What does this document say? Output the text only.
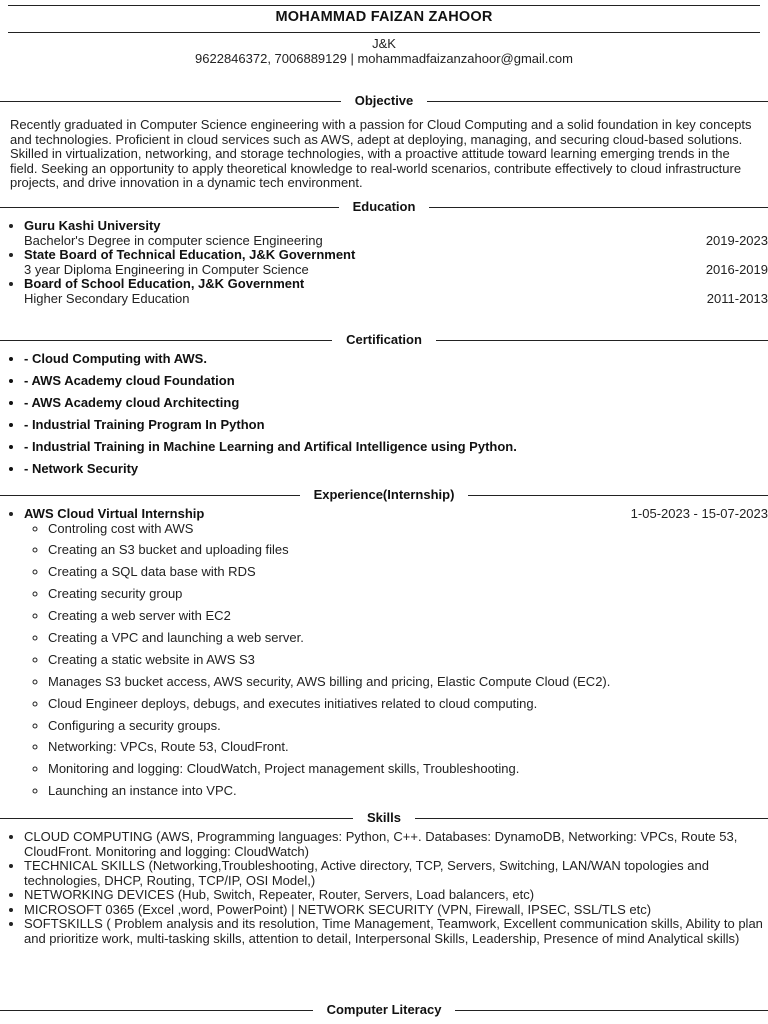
MOHAMMAD FAIZAN ZAHOOR
J&K
9622846372, 7006889129 | mohammadfaizanzahoor@gmail.com
Objective
Recently graduated in Computer Science engineering with a passion for Cloud Computing and a solid foundation in key concepts and technologies. Proficient in cloud services such as AWS, adept at deploying, managing, and securing cloud-based solutions. Skilled in virtualization, networking, and storage technologies, with a proactive attitude toward learning emerging trends in the field. Seeking an opportunity to apply theoretical knowledge to real-world scenarios, contribute effectively to cloud infrastructure projects, and drive innovation in a dynamic tech environment.
Education
• Guru Kashi University
Bachelor's Degree in computer science Engineering	2019-2023
• State Board of Technical Education, J&K Government
3 year Diploma Engineering in Computer Science	2016-2019
• Board of School Education, J&K Government
Higher Secondary Education	2011-2013
Certification
• - Cloud Computing with AWS.
• - AWS Academy cloud Foundation
• - AWS Academy cloud Architecting
• - Industrial Training Program In Python
• - Industrial Training in Machine Learning and Artifical Intelligence using Python.
• - Network Security
Experience(Internship)
• AWS Cloud Virtual Internship	1-05-2023 - 15-07-2023
◦ Controling cost with AWS
◦ Creating an S3 bucket and uploading files
◦ Creating a SQL data base with RDS
◦ Creating security group
◦ Creating a web server with EC2
◦ Creating a VPC and launching a web server.
◦ Creating a static website in AWS S3
◦ Manages S3 bucket access, AWS security, AWS billing and pricing, Elastic Compute Cloud (EC2).
◦ Cloud Engineer deploys, debugs, and executes initiatives related to cloud computing.
◦ Configuring a security groups.
◦ Networking: VPCs, Route 53, CloudFront.
◦ Monitoring and logging: CloudWatch, Project management skills, Troubleshooting.
◦ Launching an instance into VPC.
Skills
• CLOUD COMPUTING (AWS, Programming languages: Python, C++. Databases: DynamoDB, Networking: VPCs, Route 53, CloudFront. Monitoring and logging: CloudWatch)
• TECHNICAL SKILLS (Networking,Troubleshooting, Active directory, TCP, Servers, Switching, LAN/WAN topologies and technologies, DHCP, Routing, TCP/IP, OSI Model,)
• NETWORKING DEVICES (Hub, Switch, Repeater, Router, Servers, Load balancers, etc)
• MICROSOFT 0365 (Excel ,word, PowerPoint) | NETWORK SECURITY (VPN, Firewall, IPSEC, SSL/TLS etc)
• SOFTSKILLS ( Problem analysis and its resolution, Time Management, Teamwork, Excellent communication skills, Ability to plan and prioritize work, multi-tasking skills, attention to detail, Interpersonal Skills, Leadership, Presence of mind Analytical skills)
Computer Literacy
